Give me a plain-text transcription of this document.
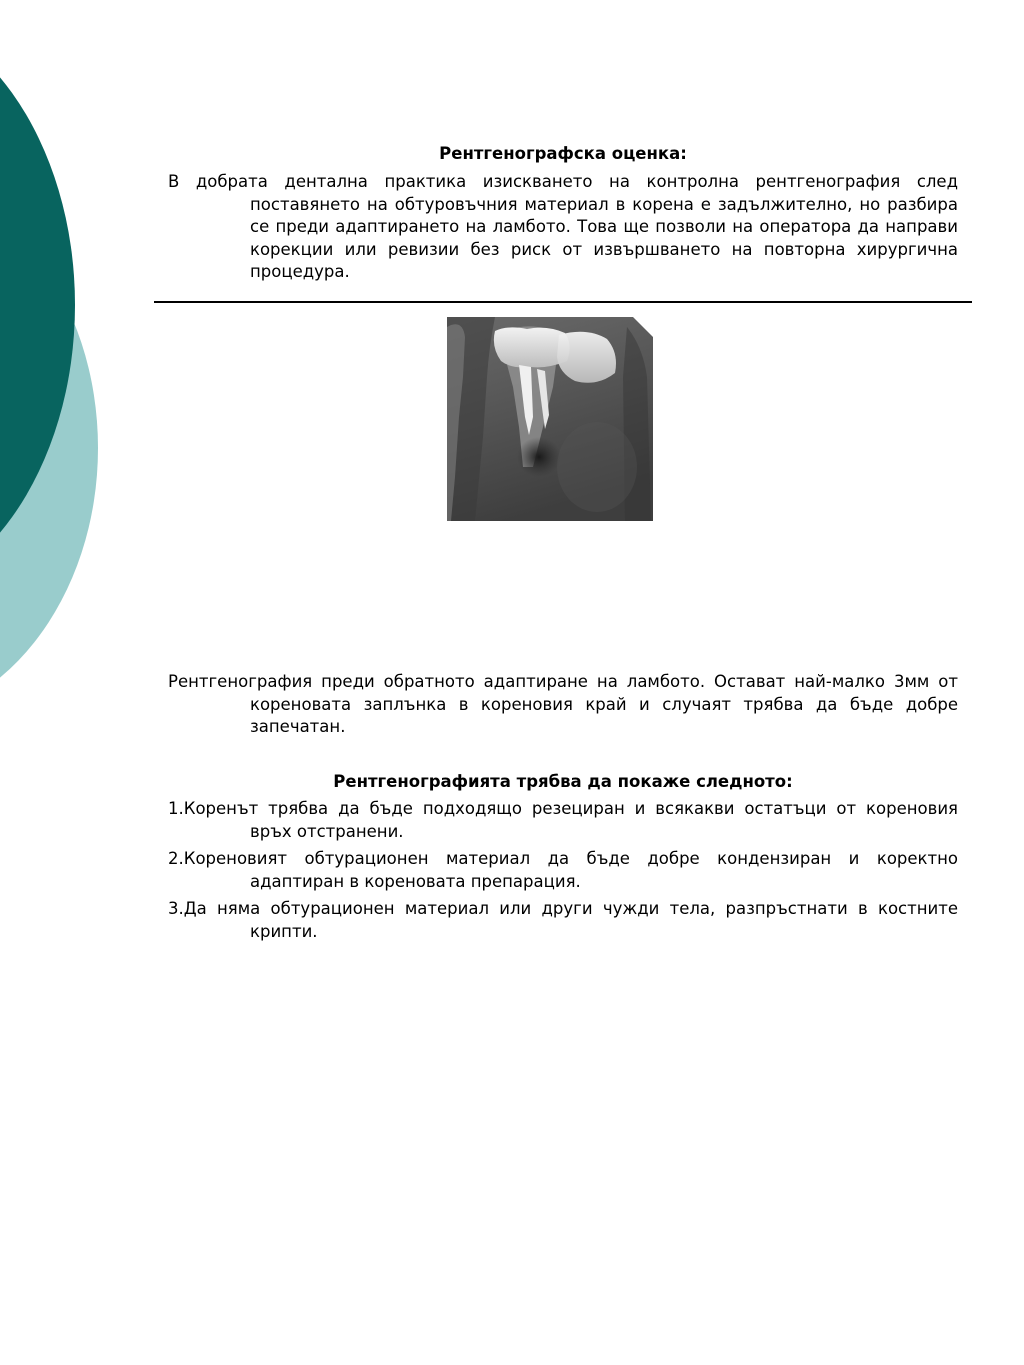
Рентгенографска оценка:

В добрата дентална практика изискването на контролна рентгенография след поставянето на обтуровъчния материал в корена е задължително, но разбира се преди адаптирането на ламбото. Това ще позволи на оператора да направи корекции или ревизии без риск от извършването на повторна хирургична процедура.

Рентгенография преди обратното адаптиране на ламбото. Остават най-малко 3мм от кореновата заплънка в кореновия край и случаят трябва да бъде добре запечатан.

Рентгенографията трябва да покаже следното:

1.Коренът трябва да бъде подходящо резециран и всякакви остатъци от кореновия връх отстранени.

2.Кореновият обтурационен материал да бъде добре кондензиран и коректно адаптиран в кореновата препарация.

3.Да няма обтурационен материал или други чужди тела, разпръстнати в костните крипти.
